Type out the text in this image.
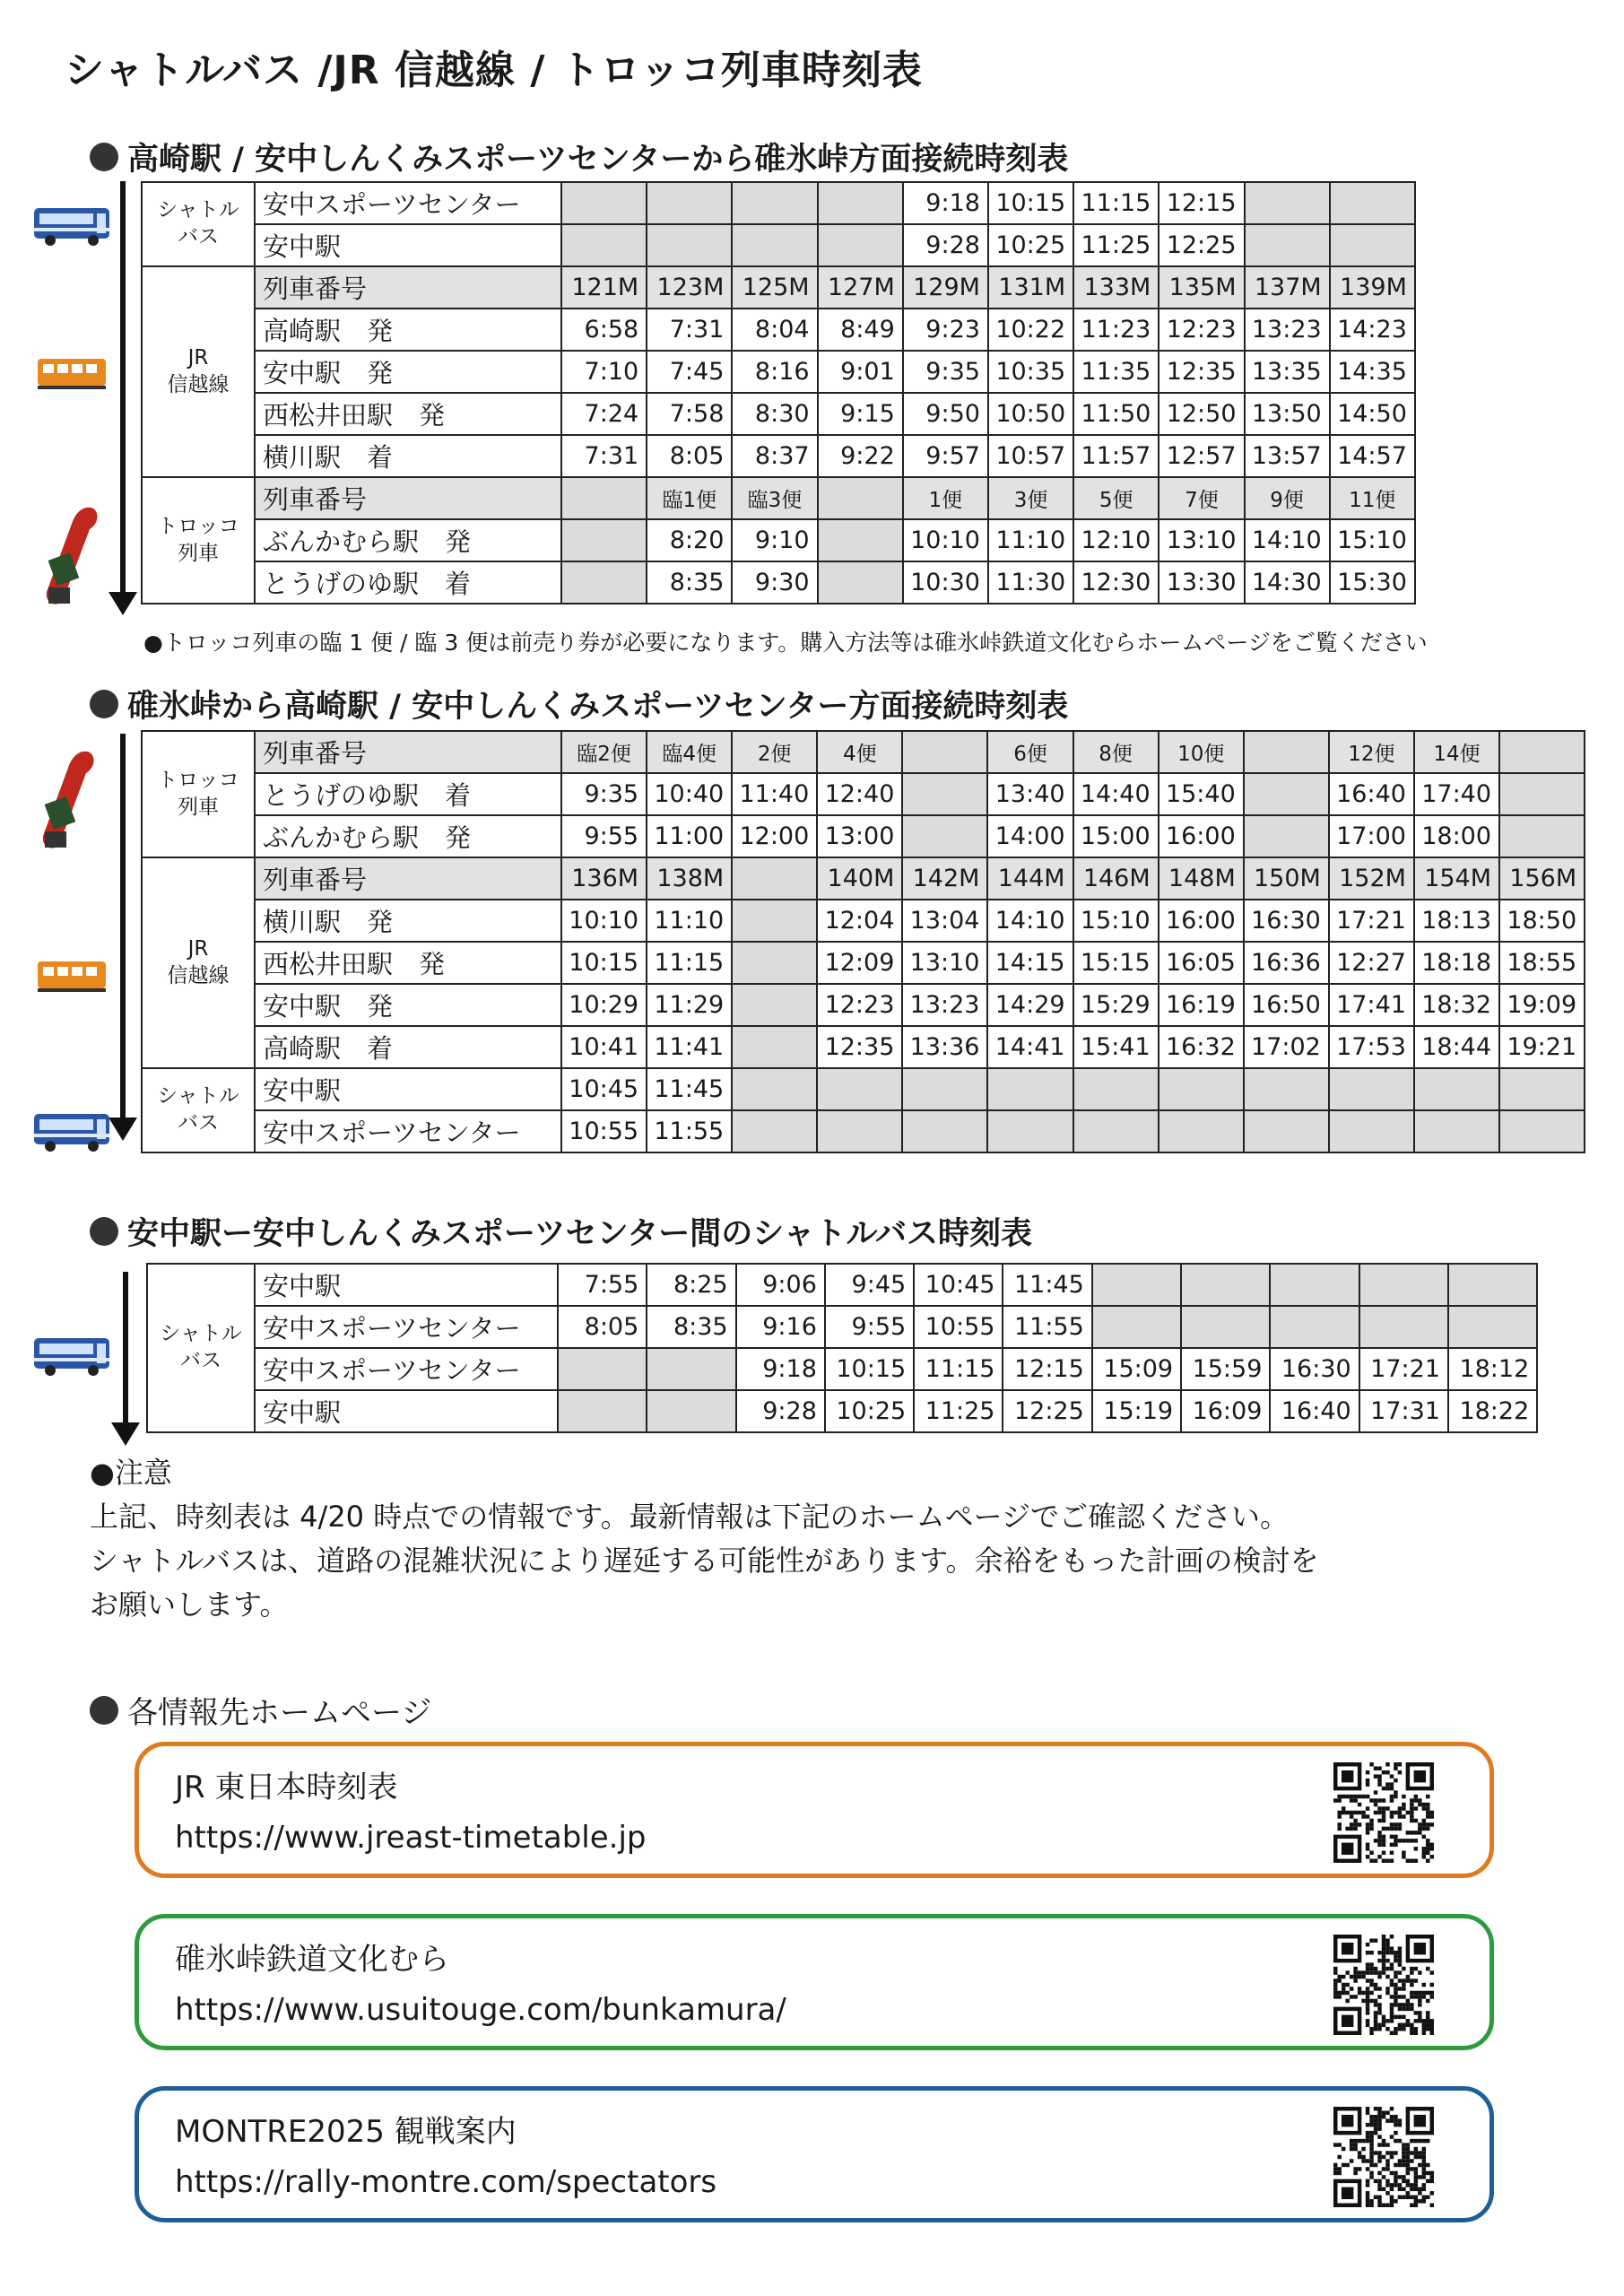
シャトルバス /JR 信越線 / トロッコ列車時刻表
高崎駅 / 安中しんくみスポーツセンターから碓氷峠方面接続時刻表
シャトル
バス	安中スポーツセンター					9:18	10:15	11:15	12:15		
	安中駅					9:28	10:25	11:25	12:25		
JR
信越線	列車番号	121M	123M	125M	127M	129M	131M	133M	135M	137M	139M
	高崎駅　発	6:58	7:31	8:04	8:49	9:23	10:22	11:23	12:23	13:23	14:23
	安中駅　発	7:10	7:45	8:16	9:01	9:35	10:35	11:35	12:35	13:35	14:35
	西松井田駅　発	7:24	7:58	8:30	9:15	9:50	10:50	11:50	12:50	13:50	14:50
	横川駅　着	7:31	8:05	8:37	9:22	9:57	10:57	11:57	12:57	13:57	14:57
トロッコ
列車	列車番号		臨1便	臨3便		1便	3便	5便	7便	9便	11便
	ぶんかむら駅　発		8:20	9:10		10:10	11:10	12:10	13:10	14:10	15:10
	とうげのゆ駅　着		8:35	9:30		10:30	11:30	12:30	13:30	14:30	15:30
●トロッコ列車の臨 1 便 / 臨 3 便は前売り券が必要になります。購入方法等は碓氷峠鉄道文化むらホームページをご覧ください
碓氷峠から高崎駅 / 安中しんくみスポーツセンター方面接続時刻表
トロッコ
列車	列車番号	臨2便	臨4便	2便	4便		6便	8便	10便		12便	14便	
	とうげのゆ駅　着	9:35	10:40	11:40	12:40		13:40	14:40	15:40		16:40	17:40	
	ぶんかむら駅　発	9:55	11:00	12:00	13:00		14:00	15:00	16:00		17:00	18:00	
JR
信越線	列車番号	136M	138M		140M	142M	144M	146M	148M	150M	152M	154M	156M
	横川駅　発	10:10	11:10		12:04	13:04	14:10	15:10	16:00	16:30	17:21	18:13	18:50
	西松井田駅　発	10:15	11:15		12:09	13:10	14:15	15:15	16:05	16:36	12:27	18:18	18:55
	安中駅　発	10:29	11:29		12:23	13:23	14:29	15:29	16:19	16:50	17:41	18:32	19:09
	高崎駅　着	10:41	11:41		12:35	13:36	14:41	15:41	16:32	17:02	17:53	18:44	19:21
シャトル
バス	安中駅	10:45	11:45										
	安中スポーツセンター	10:55	11:55										
安中駅ー安中しんくみスポーツセンター間のシャトルバス時刻表
シャトル
バス	安中駅	7:55	8:25	9:06	9:45	10:45	11:45					
	安中スポーツセンター	8:05	8:35	9:16	9:55	10:55	11:55					
	安中スポーツセンター			9:18	10:15	11:15	12:15	15:09	15:59	16:30	17:21	18:12
	安中駅			9:28	10:25	11:25	12:25	15:19	16:09	16:40	17:31	18:22
●注意
上記、時刻表は 4/20 時点での情報です。最新情報は下記のホームページでご確認ください。
シャトルバスは、道路の混雑状況により遅延する可能性があります。余裕をもった計画の検討を
お願いします。
各情報先ホームページ
JR 東日本時刻表
https://www.jreast-timetable.jp
碓氷峠鉄道文化むら
https://www.usuitouge.com/bunkamura/
MONTRE2025 観戦案内
https://rally-montre.com/spectators
